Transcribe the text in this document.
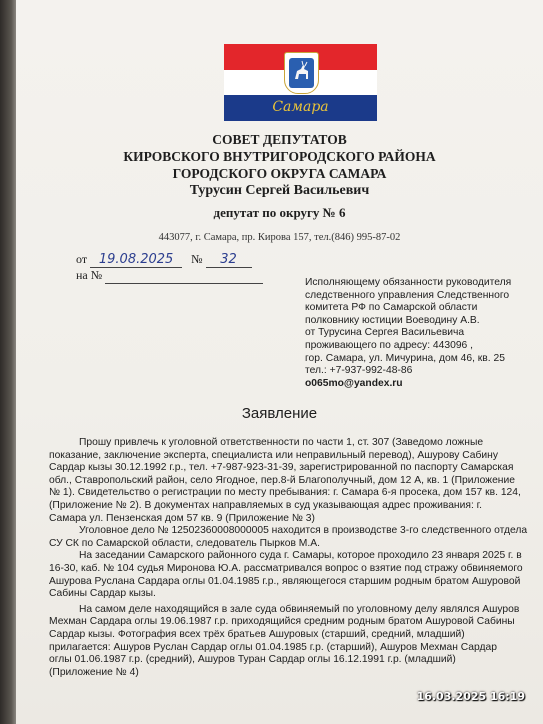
Самара
СОВЕТ ДЕПУТАТОВ
КИРОВСКОГО ВНУТРИГОРОДСКОГО РАЙОНА
ГОРОДСКОГО ОКРУГА САМАРА
Турусин Сергей Васильевич
депутат по округу № 6
443077, г. Самара, пр. Кирова 157, тел.(846) 995-87-02
от 19.08.2025 № 32
на №
Исполняющему обязанности руководителя
следственного управления Следственного
комитета РФ по Самарской области
полковнику юстиции Воеводину А.В.
от Турусина Сергея Васильевича
проживающего по адресу: 443096 ,
гор. Самара, ул. Мичурина, дом 46, кв. 25
тел.: +7-937-992-48-86
o065mo@yandex.ru
Заявление
Прошу привлечь к уголовной ответственности по части 1, ст. 307 (Заведомо ложные
показание, заключение эксперта, специалиста или неправильный перевод), Ашурову Сабину
Сардар кызы 30.12.1992 г.р., тел. +7-987-923-31-39, зарегистрированной по паспорту Самарская
обл., Ставропольский район, село Ягодное, пер.8-й Благополучный, дом 12 А, кв. 1 (Приложение
№ 1). Свидетельство о регистрации по месту пребывания: г. Самара 6-я просека, дом 157 кв. 124,
(Приложение № 2). В документах направляемых в суд указывающая адрес проживания: г.
Самара ул. Пензенская дом 57 кв. 9 (Приложение № 3)
Уголовное дело № 12502360008000005 находится в производстве 3-го следственного отдела
СУ СК по Самарской области, следователь Пырков М.А.
На заседании Самарского районного суда г. Самары, которое проходило 23 января 2025 г. в
16-30, каб. № 104 судья Миронова Ю.А. рассматривался вопрос о взятие под стражу обвиняемого
Ашурова Руслана Сардара оглы 01.04.1985 г.р., являющегося старшим родным братом Ашуровой
Сабины Сардар кызы.
На самом деле находящийся в зале суда обвиняемый по уголовному делу являлся Ашуров
Мехман Сардара оглы 19.06.1987 г.р. приходящийся средним родным братом Ашуровой Сабины
Сардар кызы. Фотография всех трёх братьев Ашуровых (старший, средний, младший)
прилагается: Ашуров Руслан Сардар оглы 01.04.1985 г.р. (старший), Ашуров Мехман Сардар
оглы 01.06.1987 г.р. (средний), Ашуров Туран Сардар оглы 16.12.1991 г.р. (младший)
(Приложение № 4)
16.03.2025 16:19
